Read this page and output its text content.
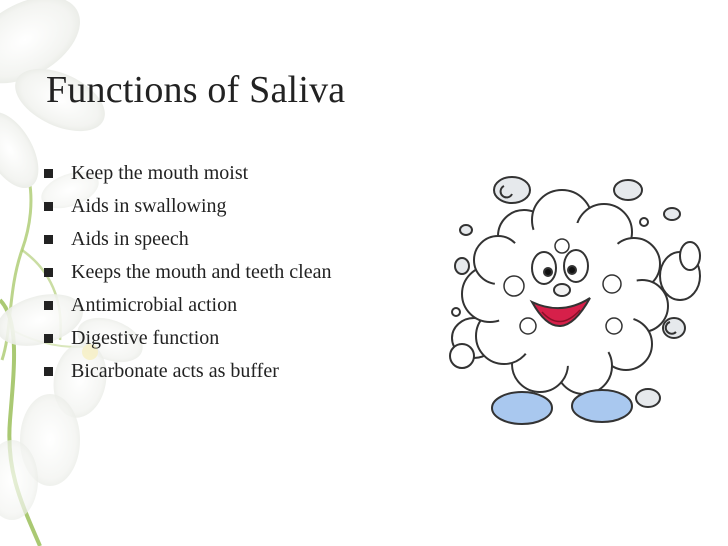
Functions of Saliva
Keep the mouth moist
Aids in swallowing
Aids in speech
Keeps the mouth and teeth clean
Antimicrobial action
Digestive function
Bicarbonate acts as buffer
